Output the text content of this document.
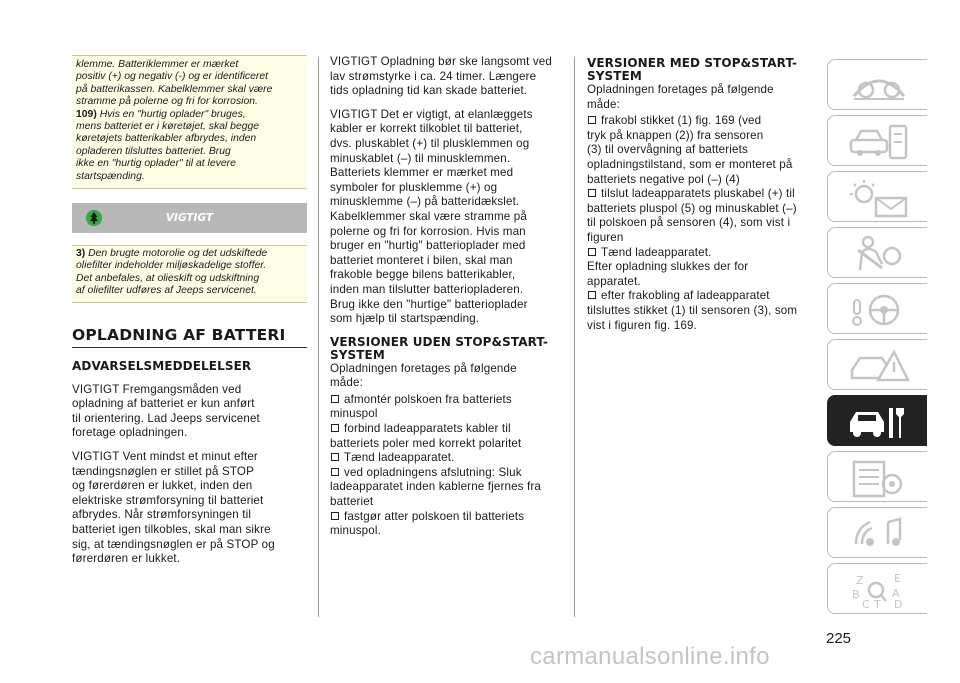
klemme. Batteriklemmer er mærket
positiv (+) og negativ (-) og er identificeret
på batterikassen. Kabelklemmer skal være
stramme på polerne og fri for korrosion.
109) Hvis en "hurtig oplader" bruges,
mens batteriet er i køretøjet, skal begge
køretøjets batterikabler afbrydes, inden
opladeren tilsluttes batteriet. Brug
ikke en "hurtig oplader" til at levere
startspænding.
VIGTIGT
3) Den brugte motorolie og det udskiftede
oliefilter indeholder miljøskadelige stoffer.
Det anbefales, at olieskift og udskiftning
af oliefilter udføres af Jeeps servicenet.
OPLADNING AF BATTERI
ADVARSELSMEDDELELSER

VIGTIGT Fremgangsmåden ved
opladning af batteriet er kun anført
til orientering. Lad Jeeps servicenet
foretage opladningen.

VIGTIGT Vent mindst et minut efter
tændingsnøglen er stillet på STOP
og førerdøren er lukket, inden den
elektriske strømforsyning til batteriet
afbrydes. Når strømforsyningen til
batteriet igen tilkobles, skal man sikre
sig, at tændingsnøglen er på STOP og
førerdøren er lukket.

VIGTIGT Opladning bør ske langsomt ved
lav strømstyrke i ca. 24 timer. Længere
tids opladning tid kan skade batteriet.

VIGTIGT Det er vigtigt, at elanlæggets
kabler er korrekt tilkoblet til batteriet,
dvs. pluskablet (+) til plusklemmen og
minuskablet (–) til minusklemmen.
Batteriets klemmer er mærket med
symboler for plusklemme (+) og
minusklemme (–) på batteridækslet.
Kabelklemmer skal være stramme på
polerne og fri for korrosion. Hvis man
bruger en "hurtig" batterioplader med
batteriet monteret i bilen, skal man
frakoble begge bilens batterikabler,
inden man tilslutter batteriopladeren.
Brug ikke den "hurtige" batterioplader
som hjælp til startspænding.

VERSIONER UDEN STOP&START-
SYSTEM
Opladningen foretages på følgende
måde:
afmontér polskoen fra batteriets
minuspol
forbind ladeapparatets kabler til
batteriets poler med korrekt polaritet
Tænd ladeapparatet.
ved opladningens afslutning: Sluk
ladeapparatet inden kablerne fjernes fra
batteriet
fastgør atter polskoen til batteriets
minuspol.
VERSIONER MED STOP&START-
SYSTEM
Opladningen foretages på følgende
måde:
frakobl stikket (1) fig. 169 (ved
tryk på knappen (2)) fra sensoren
(3) til overvågning af batteriets
opladningstilstand, som er monteret på
batteriets negative pol (–) (4)
tilslut ladeapparatets pluskabel (+) til
batteriets pluspol (5) og minuskablet (–)
til polskoen på sensoren (4), som vist i
figuren
Tænd ladeapparatet.
Efter opladning slukkes der for
apparatet.
efter frakobling af ladeapparatet
tilsluttes stikket (1) til sensoren (3), som
vist i figuren fig. 169.
Z	E
B	A
C T D
225
carmanualsonline.info
